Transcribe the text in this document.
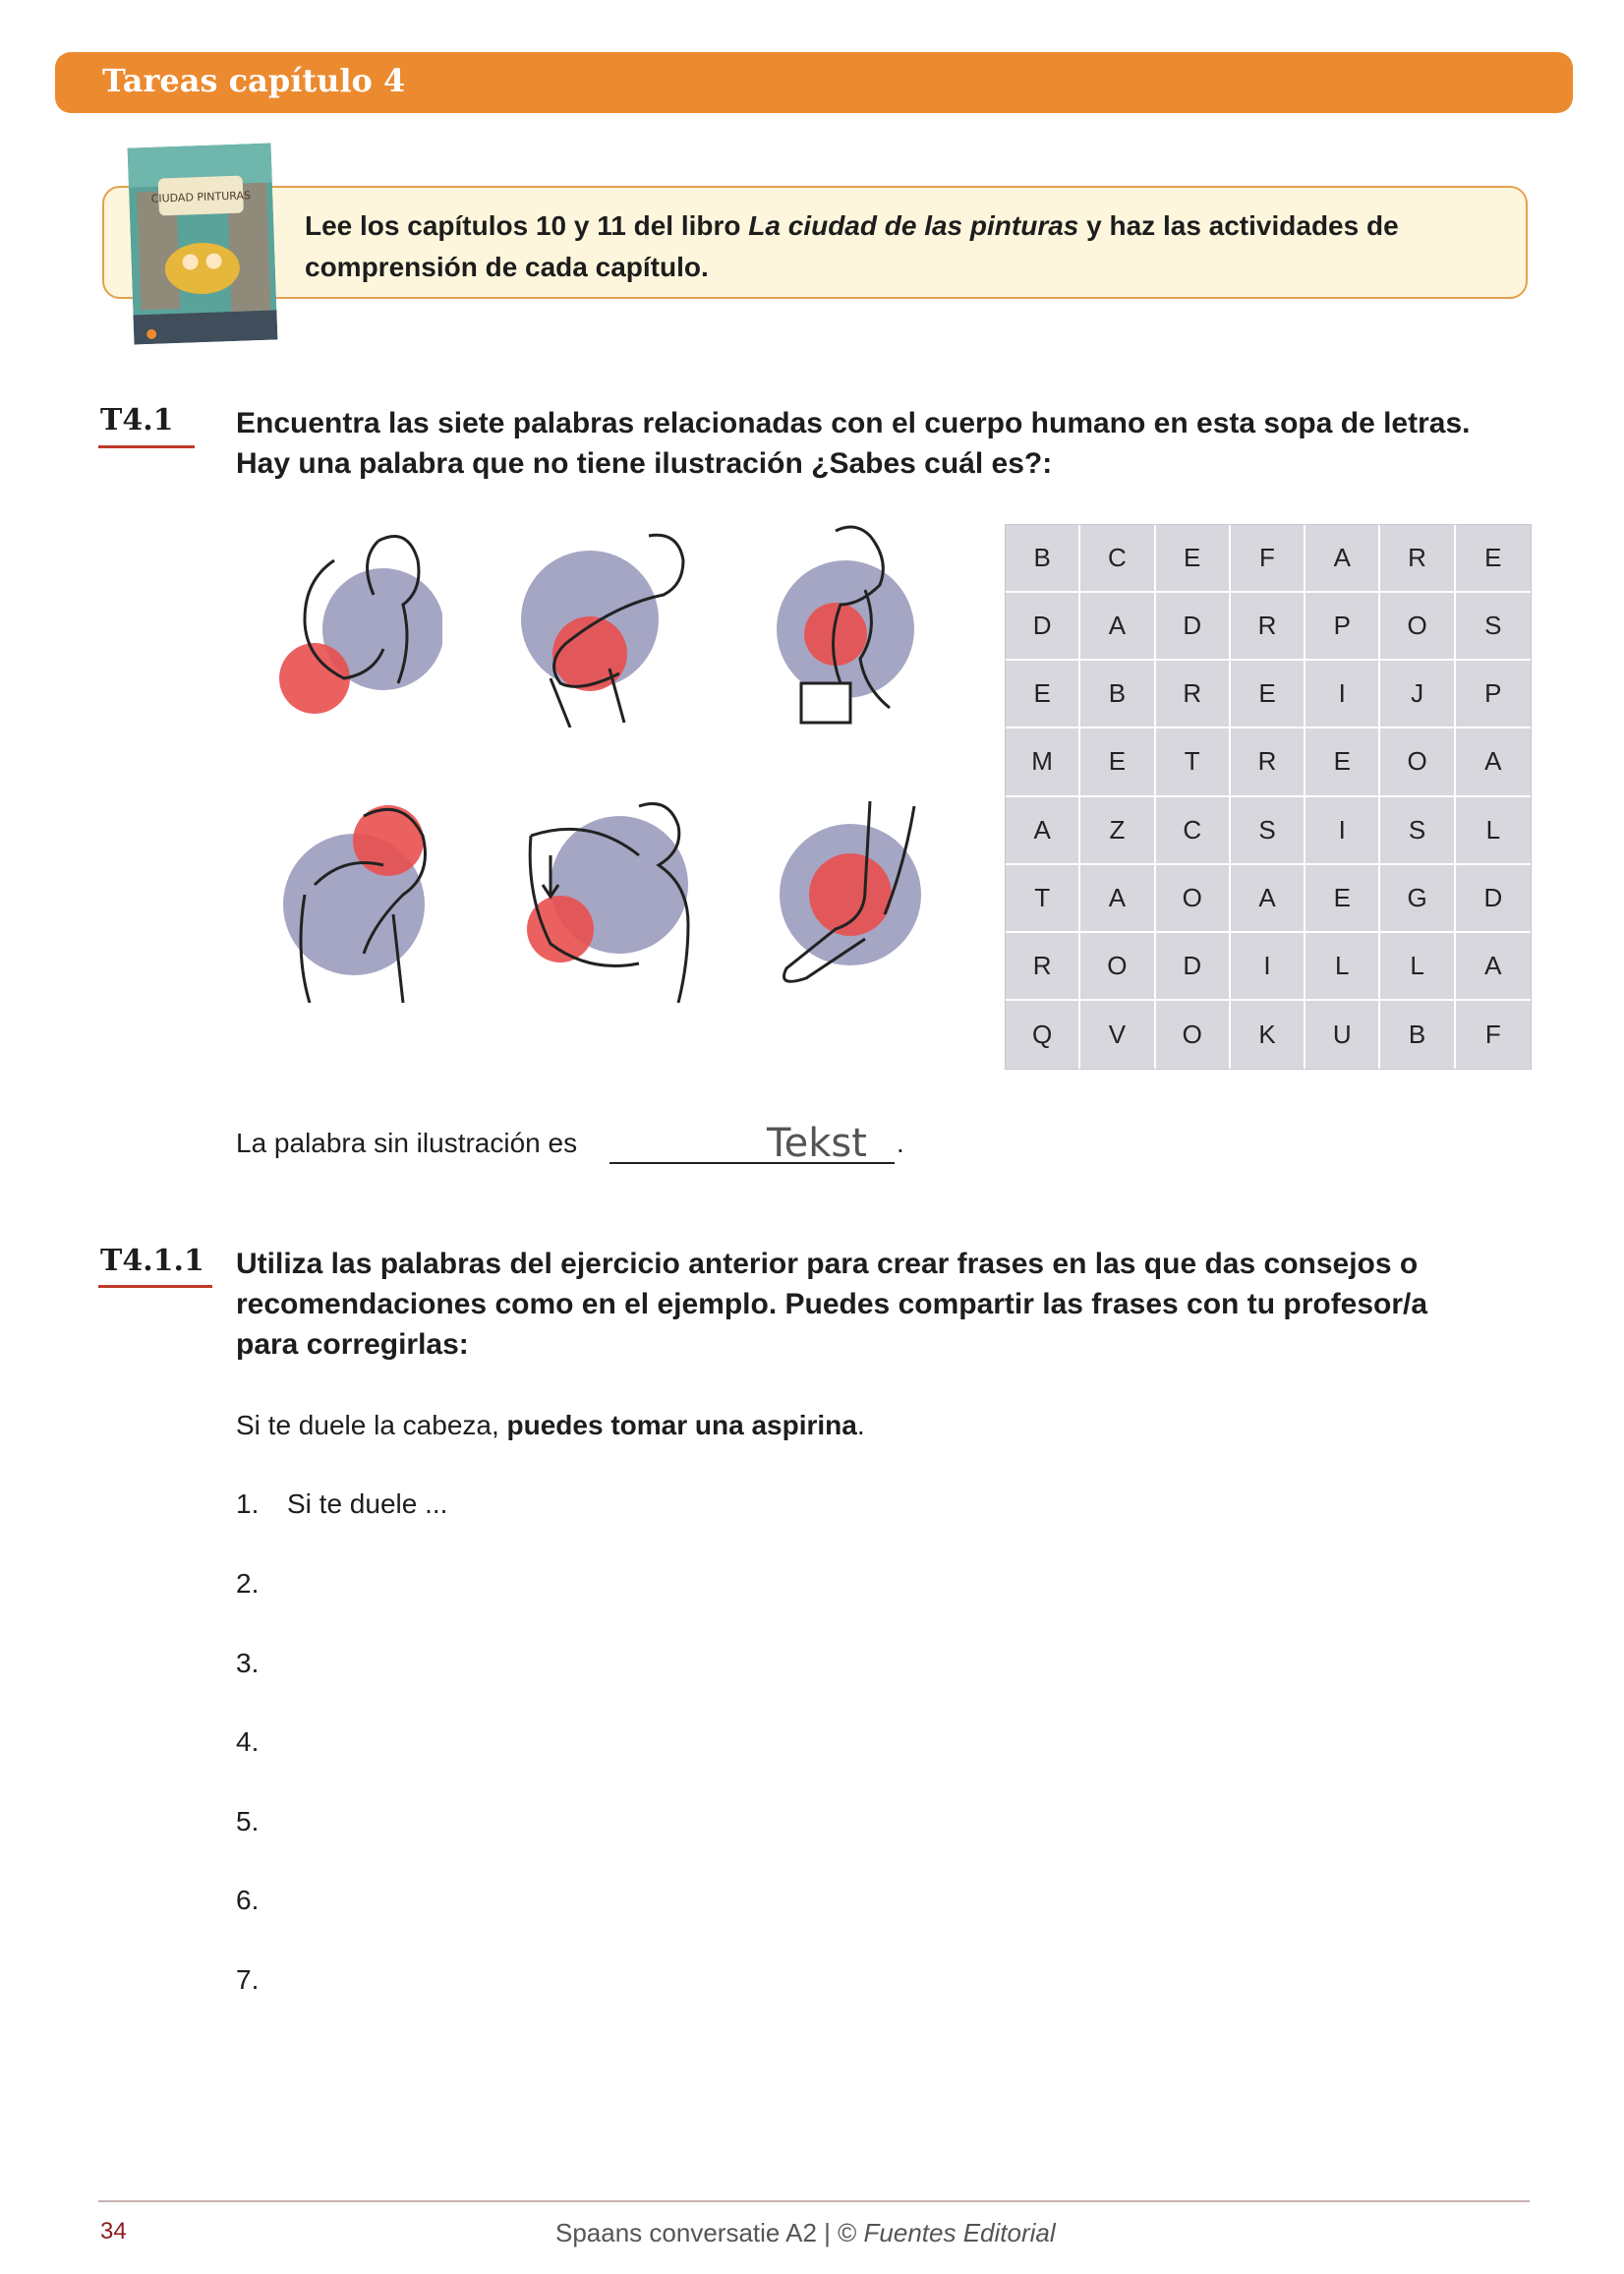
Tareas capítulo 4
Lee los capítulos 10 y 11 del libro La ciudad de las pinturas y haz las actividades de comprensión de cada capítulo.
CIUDAD PINTURAS
T4.1 Encuentra las siete palabras relacionadas con el cuerpo humano en esta sopa de letras.
Hay una palabra que no tiene ilustración ¿Sabes cuál es?:
B	C	E	F	A	R	E
D	A	D	R	P	O	S
E	B	R	E	I	J	P
M	E	T	R	E	O	A
A	Z	C	S	I	S	L
T	A	O	A	E	G	D
R	O	D	I	L	L	A
Q	V	O	K	U	B	F
La palabra sin ilustración es	Tekst .
T4.1.1 Utiliza las palabras del ejercicio anterior para crear frases en las que das consejos o
recomendaciones como en el ejemplo. Puedes compartir las frases con tu profesor/a
para corregirlas:
Si te duele la cabeza, puedes tomar una aspirina.
1. Si te duele ...
2.
3.
4.
5.
6.
7.
34	Spaans conversatie A2 | © Fuentes Editorial
